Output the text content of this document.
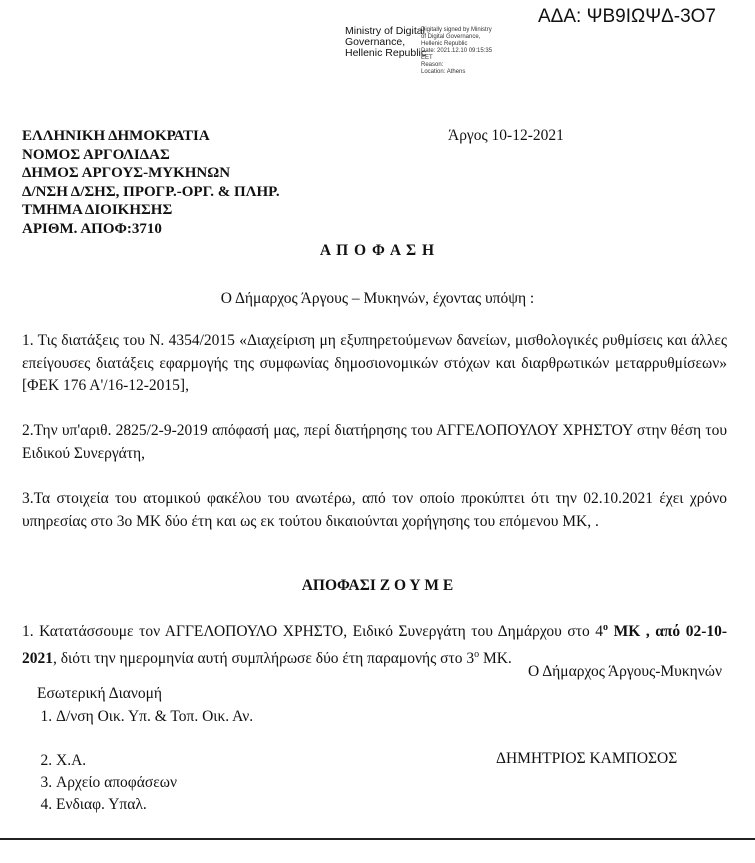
ΑΔΑ: ΨΒ9ΙΩΨΔ-3Ο7
Ministry of Digital
Governance,
Hellenic Republic
Digitally signed by Ministry
of Digital Governance,
Hellenic Republic
Date: 2021.12.10 09:15:35
EET
Reason:
Location: Athens
ΕΛΛΗΝΙΚΗ ΔΗΜΟΚΡΑΤΙΑ
ΝΟΜΟΣ ΑΡΓΟΛΙΔΑΣ
ΔΗΜΟΣ ΑΡΓΟΥΣ-ΜΥΚΗΝΩΝ
Δ/ΝΣΗ Δ/ΣΗΣ, ΠΡΟΓΡ.-ΟΡΓ. & ΠΛΗΡ.
ΤΜΗΜΑ ΔΙΟΙΚΗΣΗΣ
ΑΡΙΘΜ. ΑΠΟΦ:3710
Άργος 10-12-2021
Α Π Ο Φ Α Σ Η
Ο Δήμαρχος Άργους – Μυκηνών, έχοντας υπόψη :
1. Τις διατάξεις του Ν. 4354/2015 «Διαχείριση μη εξυπηρετούμενων δανείων, μισθολογικές ρυθμίσεις και άλλες επείγουσες διατάξεις εφαρμογής της συμφωνίας δημοσιονομικών στόχων και διαρθρωτικών μεταρρυθμίσεων» [ΦΕΚ 176 Α'/16-12-2015],
2.Την υπ'αριθ. 2825/2-9-2019 απόφασή μας, περί διατήρησης του ΑΓΓΕΛΟΠΟΥΛΟΥ ΧΡΗΣΤΟΥ στην θέση του Ειδικού Συνεργάτη,
3.Τα στοιχεία του ατομικού φακέλου του ανωτέρω, από τον οποίο προκύπτει ότι την 02.10.2021 έχει χρόνο υπηρεσίας στο 3ο ΜΚ δύο έτη και ως εκ τούτου δικαιούνται χορήγησης του επόμενου ΜΚ, .
ΑΠΟΦΑΣΙ Ζ Ο Υ Μ Ε
1. Κατατάσσουμε τον ΑΓΓΕΛΟΠΟΥΛΟ ΧΡΗΣΤΟ, Ειδικό Συνεργάτη του Δημάρχου στο $4^o$ ΜΚ , από 02-10-2021, διότι την ημερομηνία αυτή συμπλήρωσε δύο έτη παραμονής στο $3^o$ ΜΚ.
Ο Δήμαρχος Άργους-Μυκηνών
Εσωτερική Διανομή
1. Δ/νση Οικ. Υπ. & Τοπ. Οικ. Αν.
2. Χ.Α.
3. Αρχείο αποφάσεων
4. Ενδιαφ. Υπαλ.
ΔΗΜΗΤΡΙΟΣ ΚΑΜΠΟΣΟΣ
